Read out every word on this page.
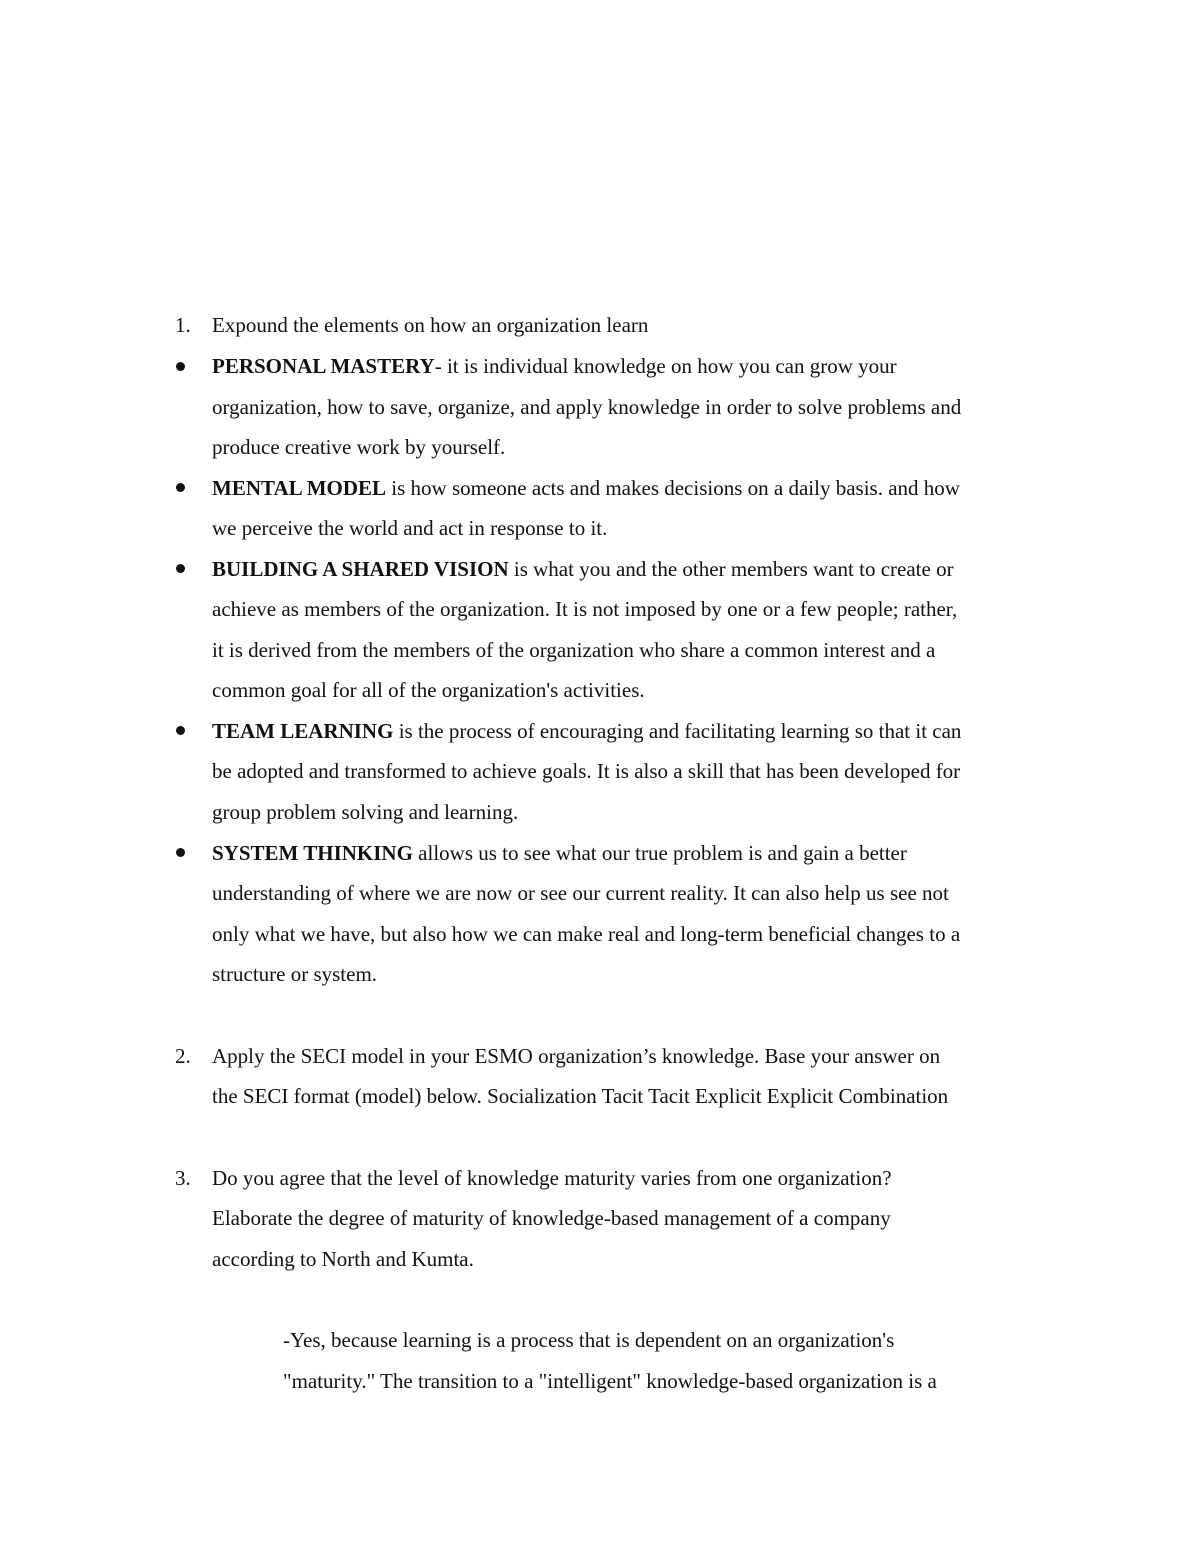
1. Expound the elements on how an organization learn
PERSONAL MASTERY- it is individual knowledge on how you can grow your
organization, how to save, organize, and apply knowledge in order to solve problems and
produce creative work by yourself.
MENTAL MODEL is how someone acts and makes decisions on a daily basis. and how
we perceive the world and act in response to it.
BUILDING A SHARED VISION is what you and the other members want to create or
achieve as members of the organization. It is not imposed by one or a few people; rather,
it is derived from the members of the organization who share a common interest and a
common goal for all of the organization's activities.
TEAM LEARNING is the process of encouraging and facilitating learning so that it can
be adopted and transformed to achieve goals. It is also a skill that has been developed for
group problem solving and learning.
SYSTEM THINKING allows us to see what our true problem is and gain a better
understanding of where we are now or see our current reality. It can also help us see not
only what we have, but also how we can make real and long-term beneficial changes to a
structure or system.
2. Apply the SECI model in your ESMO organization’s knowledge. Base your answer on
the SECI format (model) below. Socialization Tacit Tacit Explicit Explicit Combination
3. Do you agree that the level of knowledge maturity varies from one organization?
Elaborate the degree of maturity of knowledge-based management of a company
according to North and Kumta.
-Yes, because learning is a process that is dependent on an organization's
"maturity." The transition to a "intelligent" knowledge-based organization is a
